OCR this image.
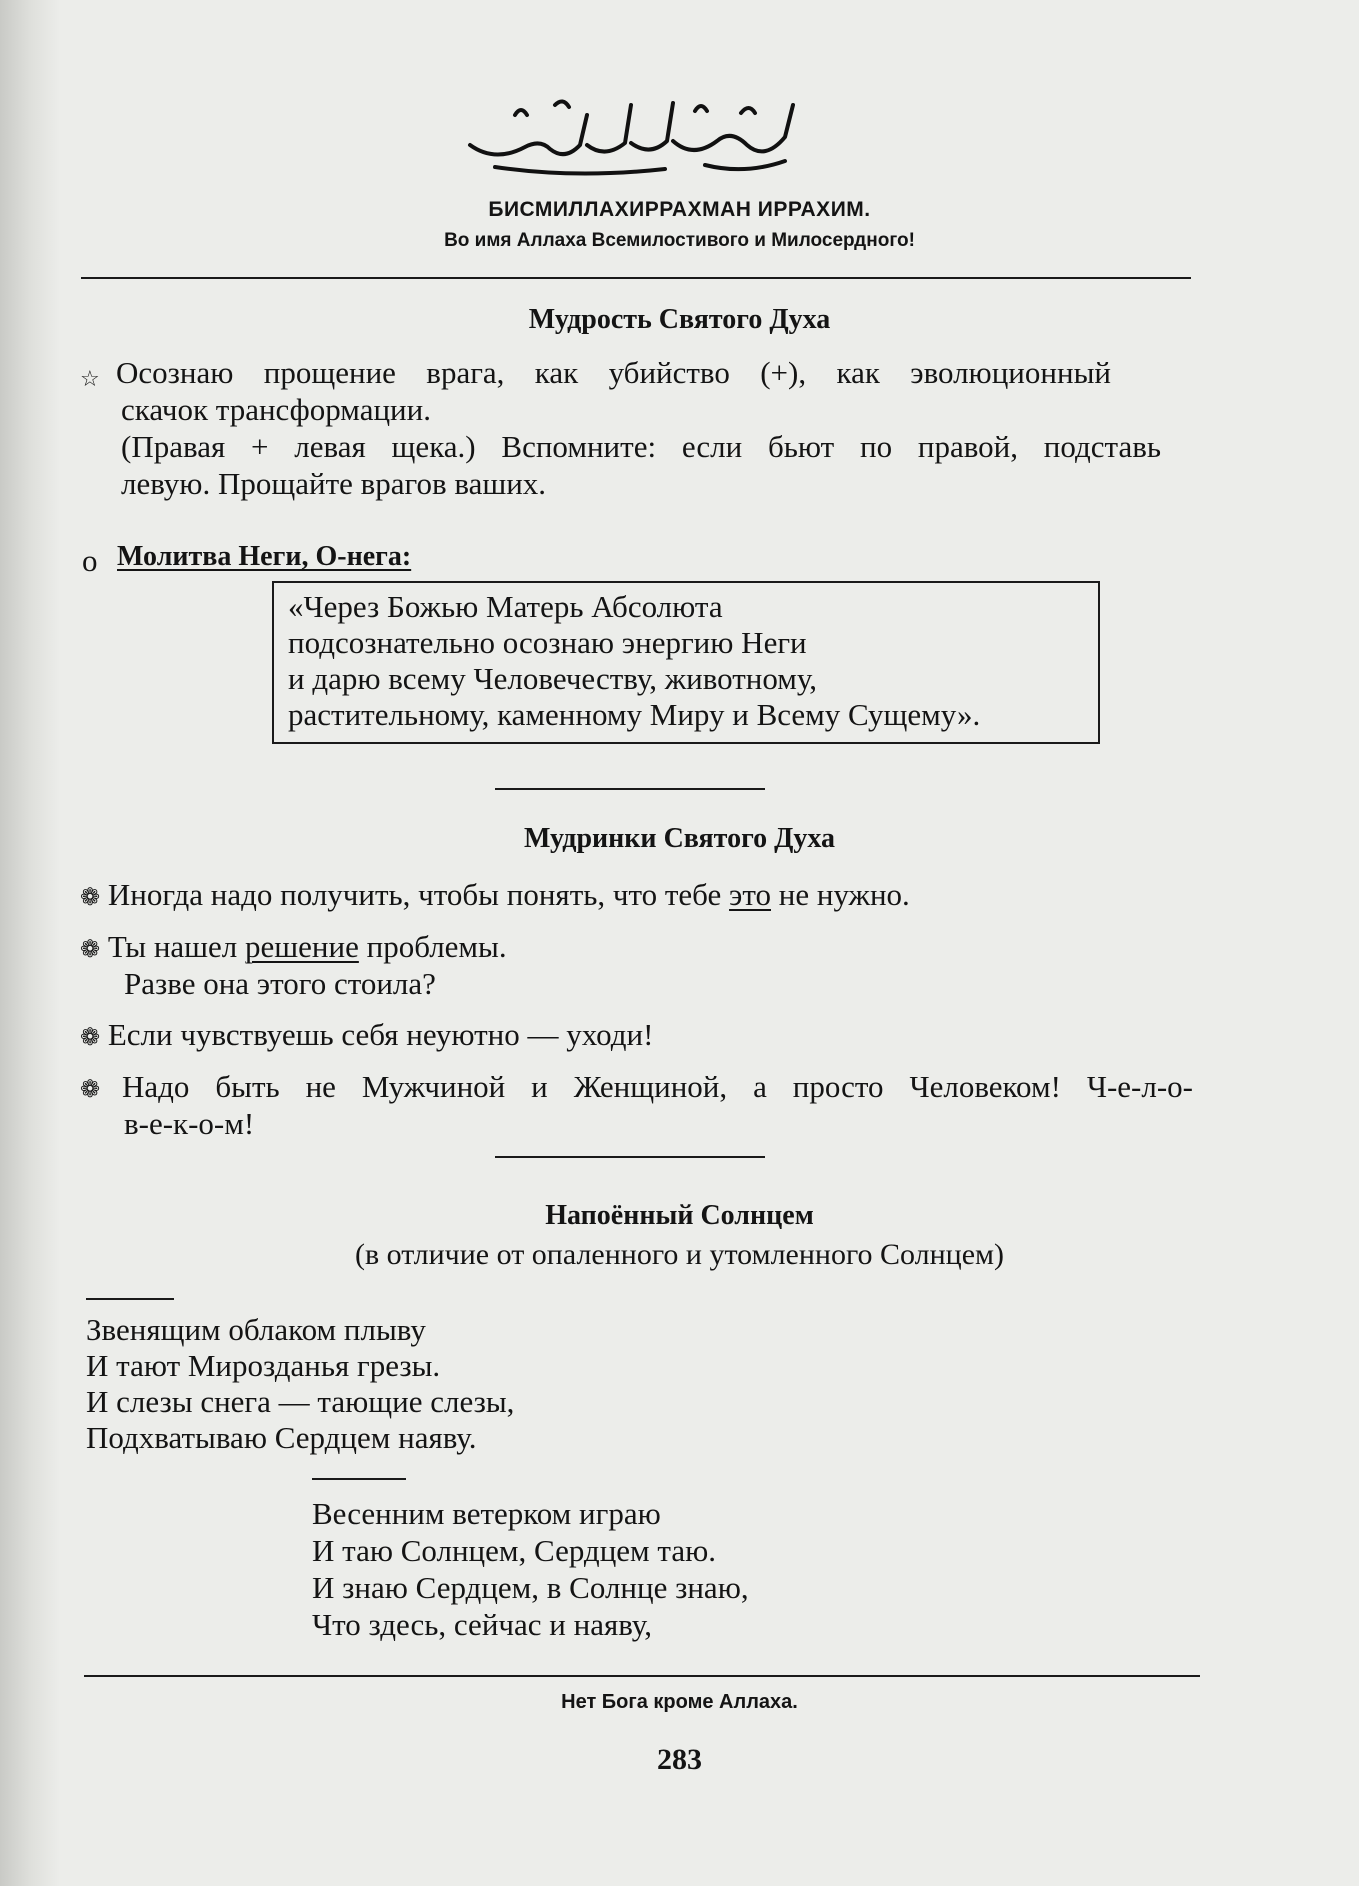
بِسْمِ اللَّهِ الرَّحْمَٰنِ الرَّحِيمِ
БИСМИЛЛАХИРРАХМАН ИРРАХИМ.
Во имя Аллаха Всемилостивого и Милосердного!
Мудрость Святого Духа
☆ Осознаю прощение врага, как убийство (+), как эволюционный
скачок трансформации.
(Правая + левая щека.) Вспомните: если бьют по правой, подставь
левую. Прощайте врагов ваших.
o Молитва Неги, О-нега:
«Через Божью Матерь Абсолюта
подсознательно осознаю энергию Неги
и дарю всему Человечеству, животному,
растительному, каменному Миру и Всему Сущему».
Мудринки Святого Духа
❁ Иногда надо получить, чтобы понять, что тебе это не нужно.
❁ Ты нашел решение проблемы.
Разве она этого стоила?
❁ Если чувствуешь себя неуютно — уходи!
❁ Надо быть не Мужчиной и Женщиной, а просто Человеком! Ч-е-л-о-
в-е-к-о-м!
Напоённый Солнцем
(в отличие от опаленного и утомленного Солнцем)
Звенящим облаком плыву
И тают Мирозданья грезы.
И слезы снега — тающие слезы,
Подхватываю Сердцем наяву.
Весенним ветерком играю
И таю Солнцем, Сердцем таю.
И знаю Сердцем, в Солнце знаю,
Что здесь, сейчас и наяву,
Нет Бога кроме Аллаха.
283
